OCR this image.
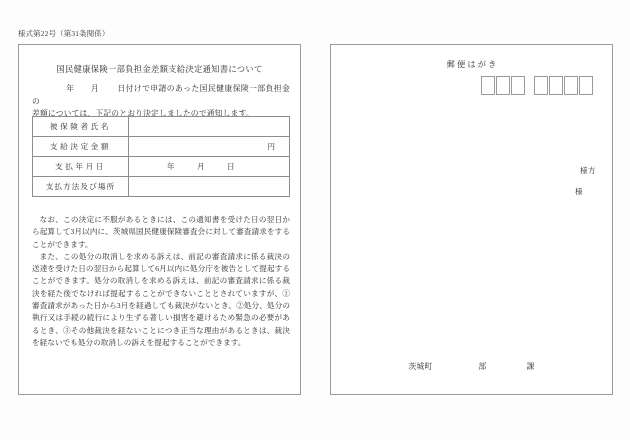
様式第22号（第31条関係）
国民健康保険一部負担金差額支給決定通知書について
年 月 日付けで申請のあった国民健康保険一部負担金の
差額については、下記のとおり決定しましたので通知します。
被保険者氏名	
支給決定金額	円
支払年月日	年 月 日
支払方法及び場所	

なお、この決定に不服があるときには、この通知書を受けた日の翌日から起算して3月以内に、茨城県国民健康保険審査会に対して審査請求をすることができます。

また、この処分の取消しを求める訴えは、前記の審査請求に係る裁決の送達を受けた日の翌日から起算して6月以内に処分庁を被告として提起することができます。処分の取消しを求める訴えは、前記の審査請求に係る裁決を経た後でなければ提起することができないこととされていますが、①審査請求があった日から3月を経過しても裁決がないとき、②処分、処分の執行又は手続の続行により生ずる著しい損害を避けるため緊急の必要があるとき、③その他裁決を経ないことにつき正当な理由があるときは、裁決を経ないでも処分の取消しの訴えを提起することができます。

郵便はがき
様方
様
茨城町	部	課
